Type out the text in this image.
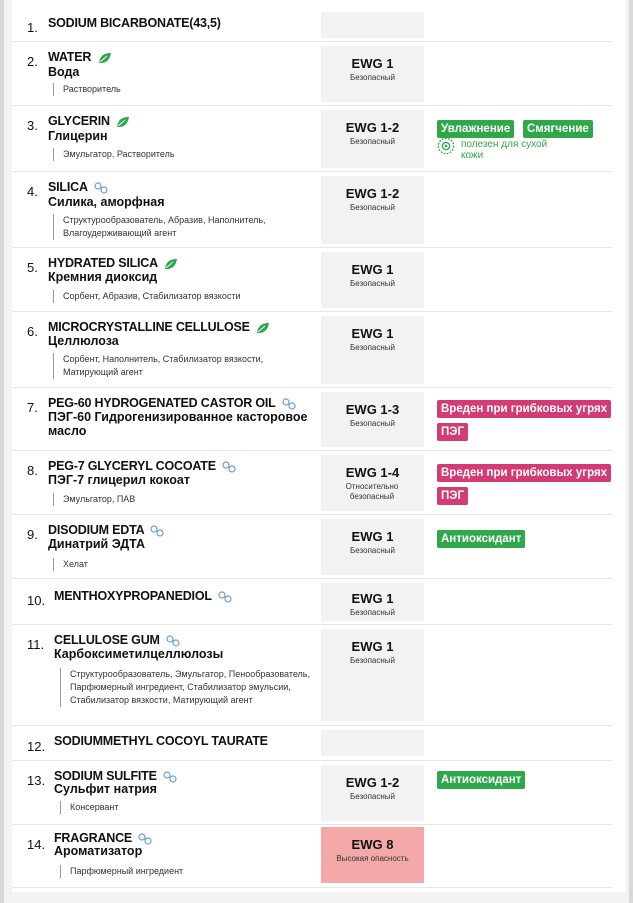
1. SODIUM BICARBONATE(43,5)
2. WATER
Вода
Растворитель
EWG 1
Безопасный
3. GLYCERIN
Глицерин
Эмульгатор, Растворитель
EWG 1-2
Безопасный
Увлажнение	Смягчение
полезен для сухой кожи
4. SILICA
Силика, аморфная
Структурообразователь, Абразив, Наполнитель, Влагоудерживающий агент
EWG 1-2
Безопасный
5. HYDRATED SILICA
Кремния диоксид
Сорбент, Абразив, Стабилизатор вязкости
EWG 1
Безопасный
6. MICROCRYSTALLINE CELLULOSE
Целлюлоза
Сорбент, Наполнитель, Стабилизатор вязкости, Матирующий агент
EWG 1
Безопасный
7. PEG-60 HYDROGENATED CASTOR OIL
ПЭГ-60 Гидрогенизированное касторовое масло
EWG 1-3
Безопасный
Вреден при грибковых угрях
ПЭГ
8. PEG-7 GLYCERYL COCOATE
ПЭГ-7 глицерил кокоат
Эмульгатор, ПАВ
EWG 1-4
Относительно безопасный
Вреден при грибковых угрях
ПЭГ
9. DISODIUM EDTA
Динатрий ЭДТА
Хелат
EWG 1
Безопасный
Антиоксидант
10. MENTHOXYPROPANEDIOL	EWG 1
Безопасный
11. CELLULOSE GUM
Карбоксиметилцеллюлозы
Структурообразователь, Эмульгатор, Пенообразователь, Парфюмерный ингредиент, Стабилизатор эмульсии, Стабилизатор вязкости, Матирующий агент
EWG 1
Безопасный
12. SODIUMMETHYL COCOYL TAURATE
13. SODIUM SULFITE
Сульфит натрия
Консервант
EWG 1-2
Безопасный
Антиоксидант
14. FRAGRANCE
Ароматизатор
Парфюмерный ингредиент
EWG 8
Высокая опасность
